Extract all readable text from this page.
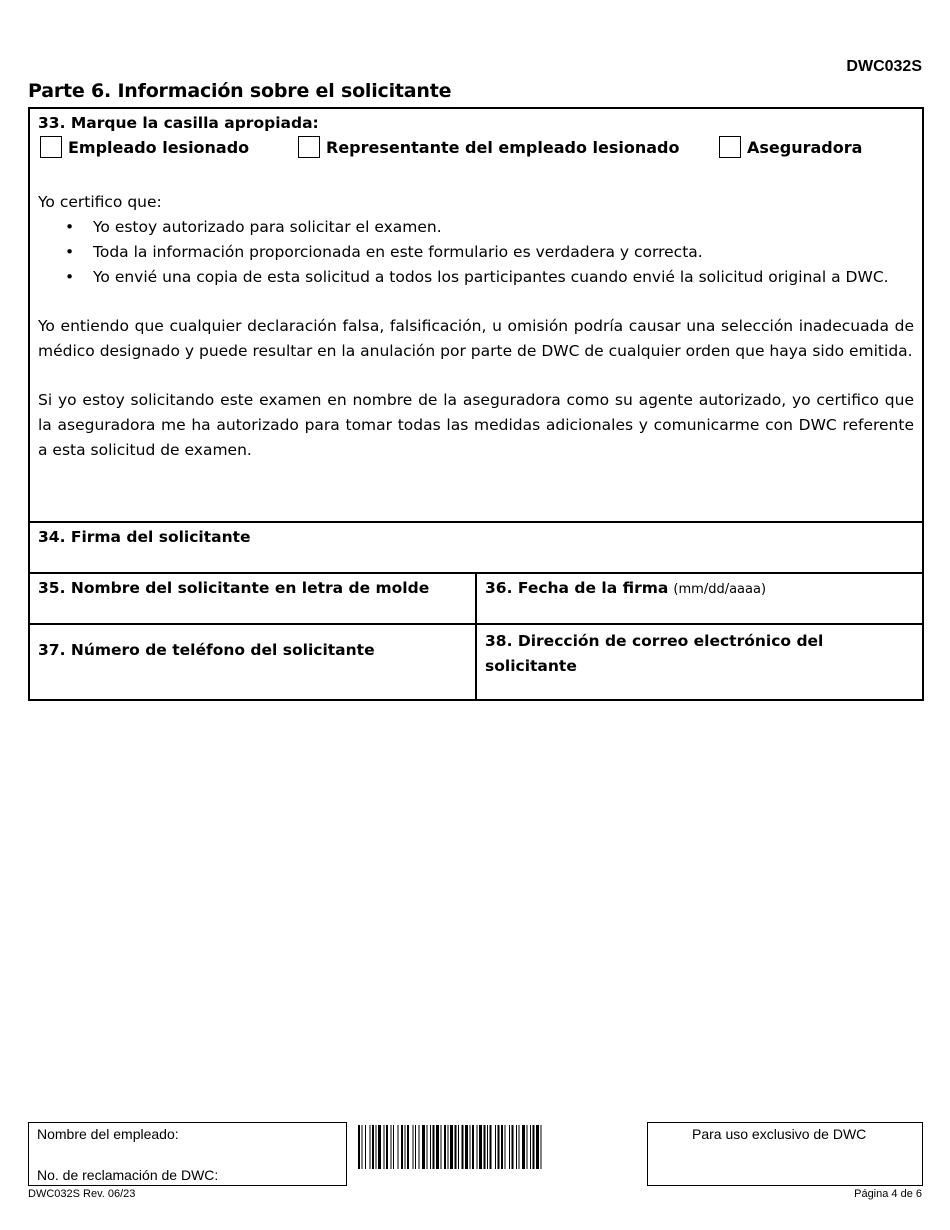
DWC032S
Parte 6. Información sobre el solicitante
33. Marque la casilla apropiada:
Empleado lesionado	Representante del empleado lesionado	Aseguradora
Yo certifico que:
• Yo estoy autorizado para solicitar el examen.
• Toda la información proporcionada en este formulario es verdadera y correcta.
• Yo envié una copia de esta solicitud a todos los participantes cuando envié la solicitud original a DWC.

Yo entiendo que cualquier declaración falsa, falsificación, u omisión podría causar una selección inadecuada de médico designado y puede resultar en la anulación por parte de DWC de cualquier orden que haya sido emitida.

Si yo estoy solicitando este examen en nombre de la aseguradora como su agente autorizado, yo certifico que la aseguradora me ha autorizado para tomar todas las medidas adicionales y comunicarme con DWC referente a esta solicitud de examen.

34. Firma del solicitante
35. Nombre del solicitante en letra de molde	36. Fecha de la firma (mm/dd/aaaa)
37. Número de teléfono del solicitante	38. Dirección de correo electrónico del solicitante
Nombre del empleado:
No. de reclamación de DWC:
Para uso exclusivo de DWC
DWC032S Rev. 06/23	Página 4 de 6
